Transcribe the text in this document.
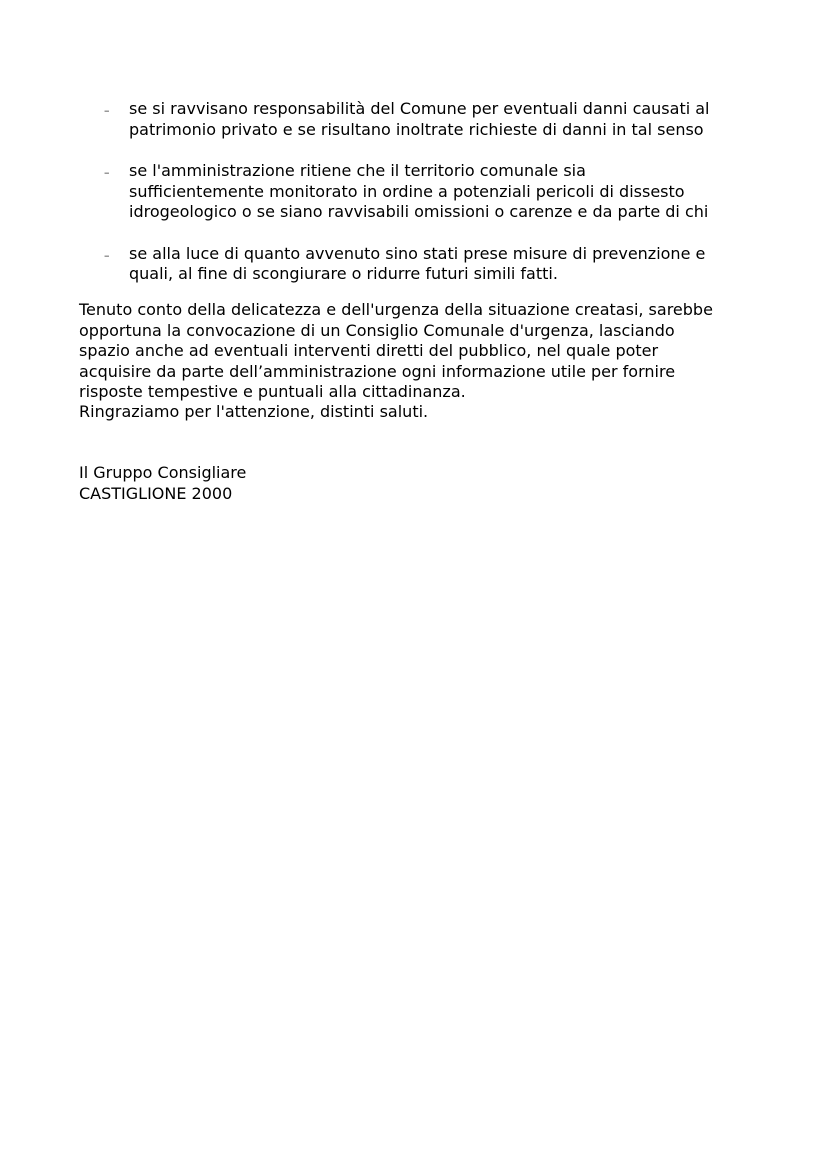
– se si ravvisano responsabilità del Comune per eventuali danni causati al
patrimonio privato e se risultano inoltrate richieste di danni in tal senso
– se l'amministrazione ritiene che il territorio comunale sia
sufficientemente monitorato in ordine a potenziali pericoli di dissesto
idrogeologico o se siano ravvisabili omissioni o carenze e da parte di chi
– se alla luce di quanto avvenuto sino stati prese misure di prevenzione e
quali, al fine di scongiurare o ridurre futuri simili fatti.

Tenuto conto della delicatezza e dell'urgenza della situazione creatasi, sarebbe
opportuna la convocazione di un Consiglio Comunale d'urgenza, lasciando
spazio anche ad eventuali interventi diretti del pubblico, nel quale poter
acquisire da parte dell’amministrazione ogni informazione utile per fornire
risposte tempestive e puntuali alla cittadinanza.

Ringraziamo per l'attenzione, distinti saluti.

Il Gruppo Consigliare
CASTIGLIONE 2000
